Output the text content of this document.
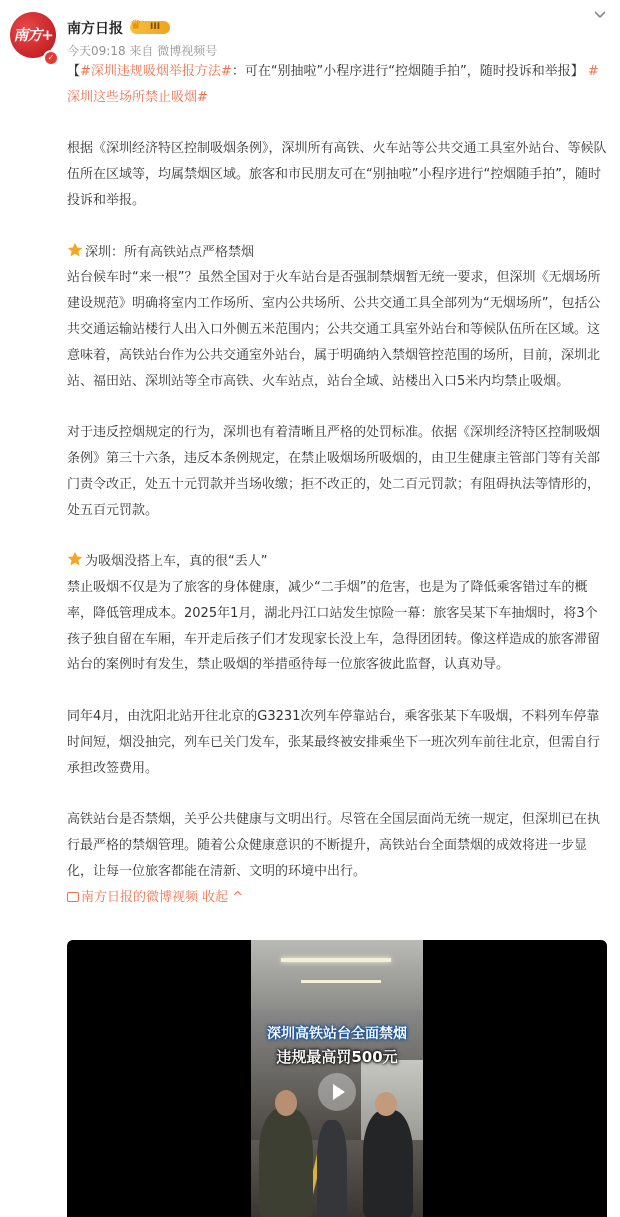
南方+
✓
南方日报 ♛ III
今天09:18 来自 微博视频号

【#深圳违规吸烟举报方法#：可在“别抽啦”小程序进行“控烟随手拍”，随时投诉和举报】 #深圳这些场所禁止吸烟#

根据《深圳经济特区控制吸烟条例》，深圳所有高铁、火车站等公共交通工具室外站台、等候队伍所在区域等，均属禁烟区域。旅客和市民朋友可在“别抽啦”小程序进行“控烟随手拍”，随时投诉和举报。

深圳：所有高铁站点严格禁烟

站台候车时“来一根”？虽然全国对于火车站台是否强制禁烟暂无统一要求，但深圳《无烟场所建设规范》明确将室内工作场所、室内公共场所、公共交通工具全部列为“无烟场所”，包括公共交通运输站楼行人出入口外侧五米范围内；公共交通工具室外站台和等候队伍所在区域。这意味着，高铁站台作为公共交通室外站台，属于明确纳入禁烟管控范围的场所，目前，深圳北站、福田站、深圳站等全市高铁、火车站点，站台全域、站楼出入口5米内均禁止吸烟。

对于违反控烟规定的行为，深圳也有着清晰且严格的处罚标准。依据《深圳经济特区控制吸烟条例》第三十六条，违反本条例规定，在禁止吸烟场所吸烟的，由卫生健康主管部门等有关部门责令改正，处五十元罚款并当场收缴；拒不改正的，处二百元罚款；有阻碍执法等情形的，处五百元罚款。

为吸烟没搭上车，真的很“丢人”

禁止吸烟不仅是为了旅客的身体健康，减少“二手烟”的危害，也是为了降低乘客错过车的概率，降低管理成本。2025年1月，湖北丹江口站发生惊险一幕：旅客吴某下车抽烟时，将3个孩子独自留在车厢，车开走后孩子们才发现家长没上车，急得团团转。像这样造成的旅客滞留站台的案例时有发生，禁止吸烟的举措亟待每一位旅客彼此监督，认真劝导。

同年4月，由沈阳北站开往北京的G3231次列车停靠站台，乘客张某下车吸烟，不料列车停靠时间短，烟没抽完，列车已关门发车，张某最终被安排乘坐下一班次列车前往北京，但需自行承担改签费用。

高铁站台是否禁烟，关乎公共健康与文明出行。尽管在全国层面尚无统一规定，但深圳已在执行最严格的禁烟管理。随着公众健康意识的不断提升，高铁站台全面禁烟的成效将进一步显化，让每一位旅客都能在清新、文明的环境中出行。

南方日报的微博视频 收起 ^

深圳高铁站台全面禁烟
违规最高罚500元
